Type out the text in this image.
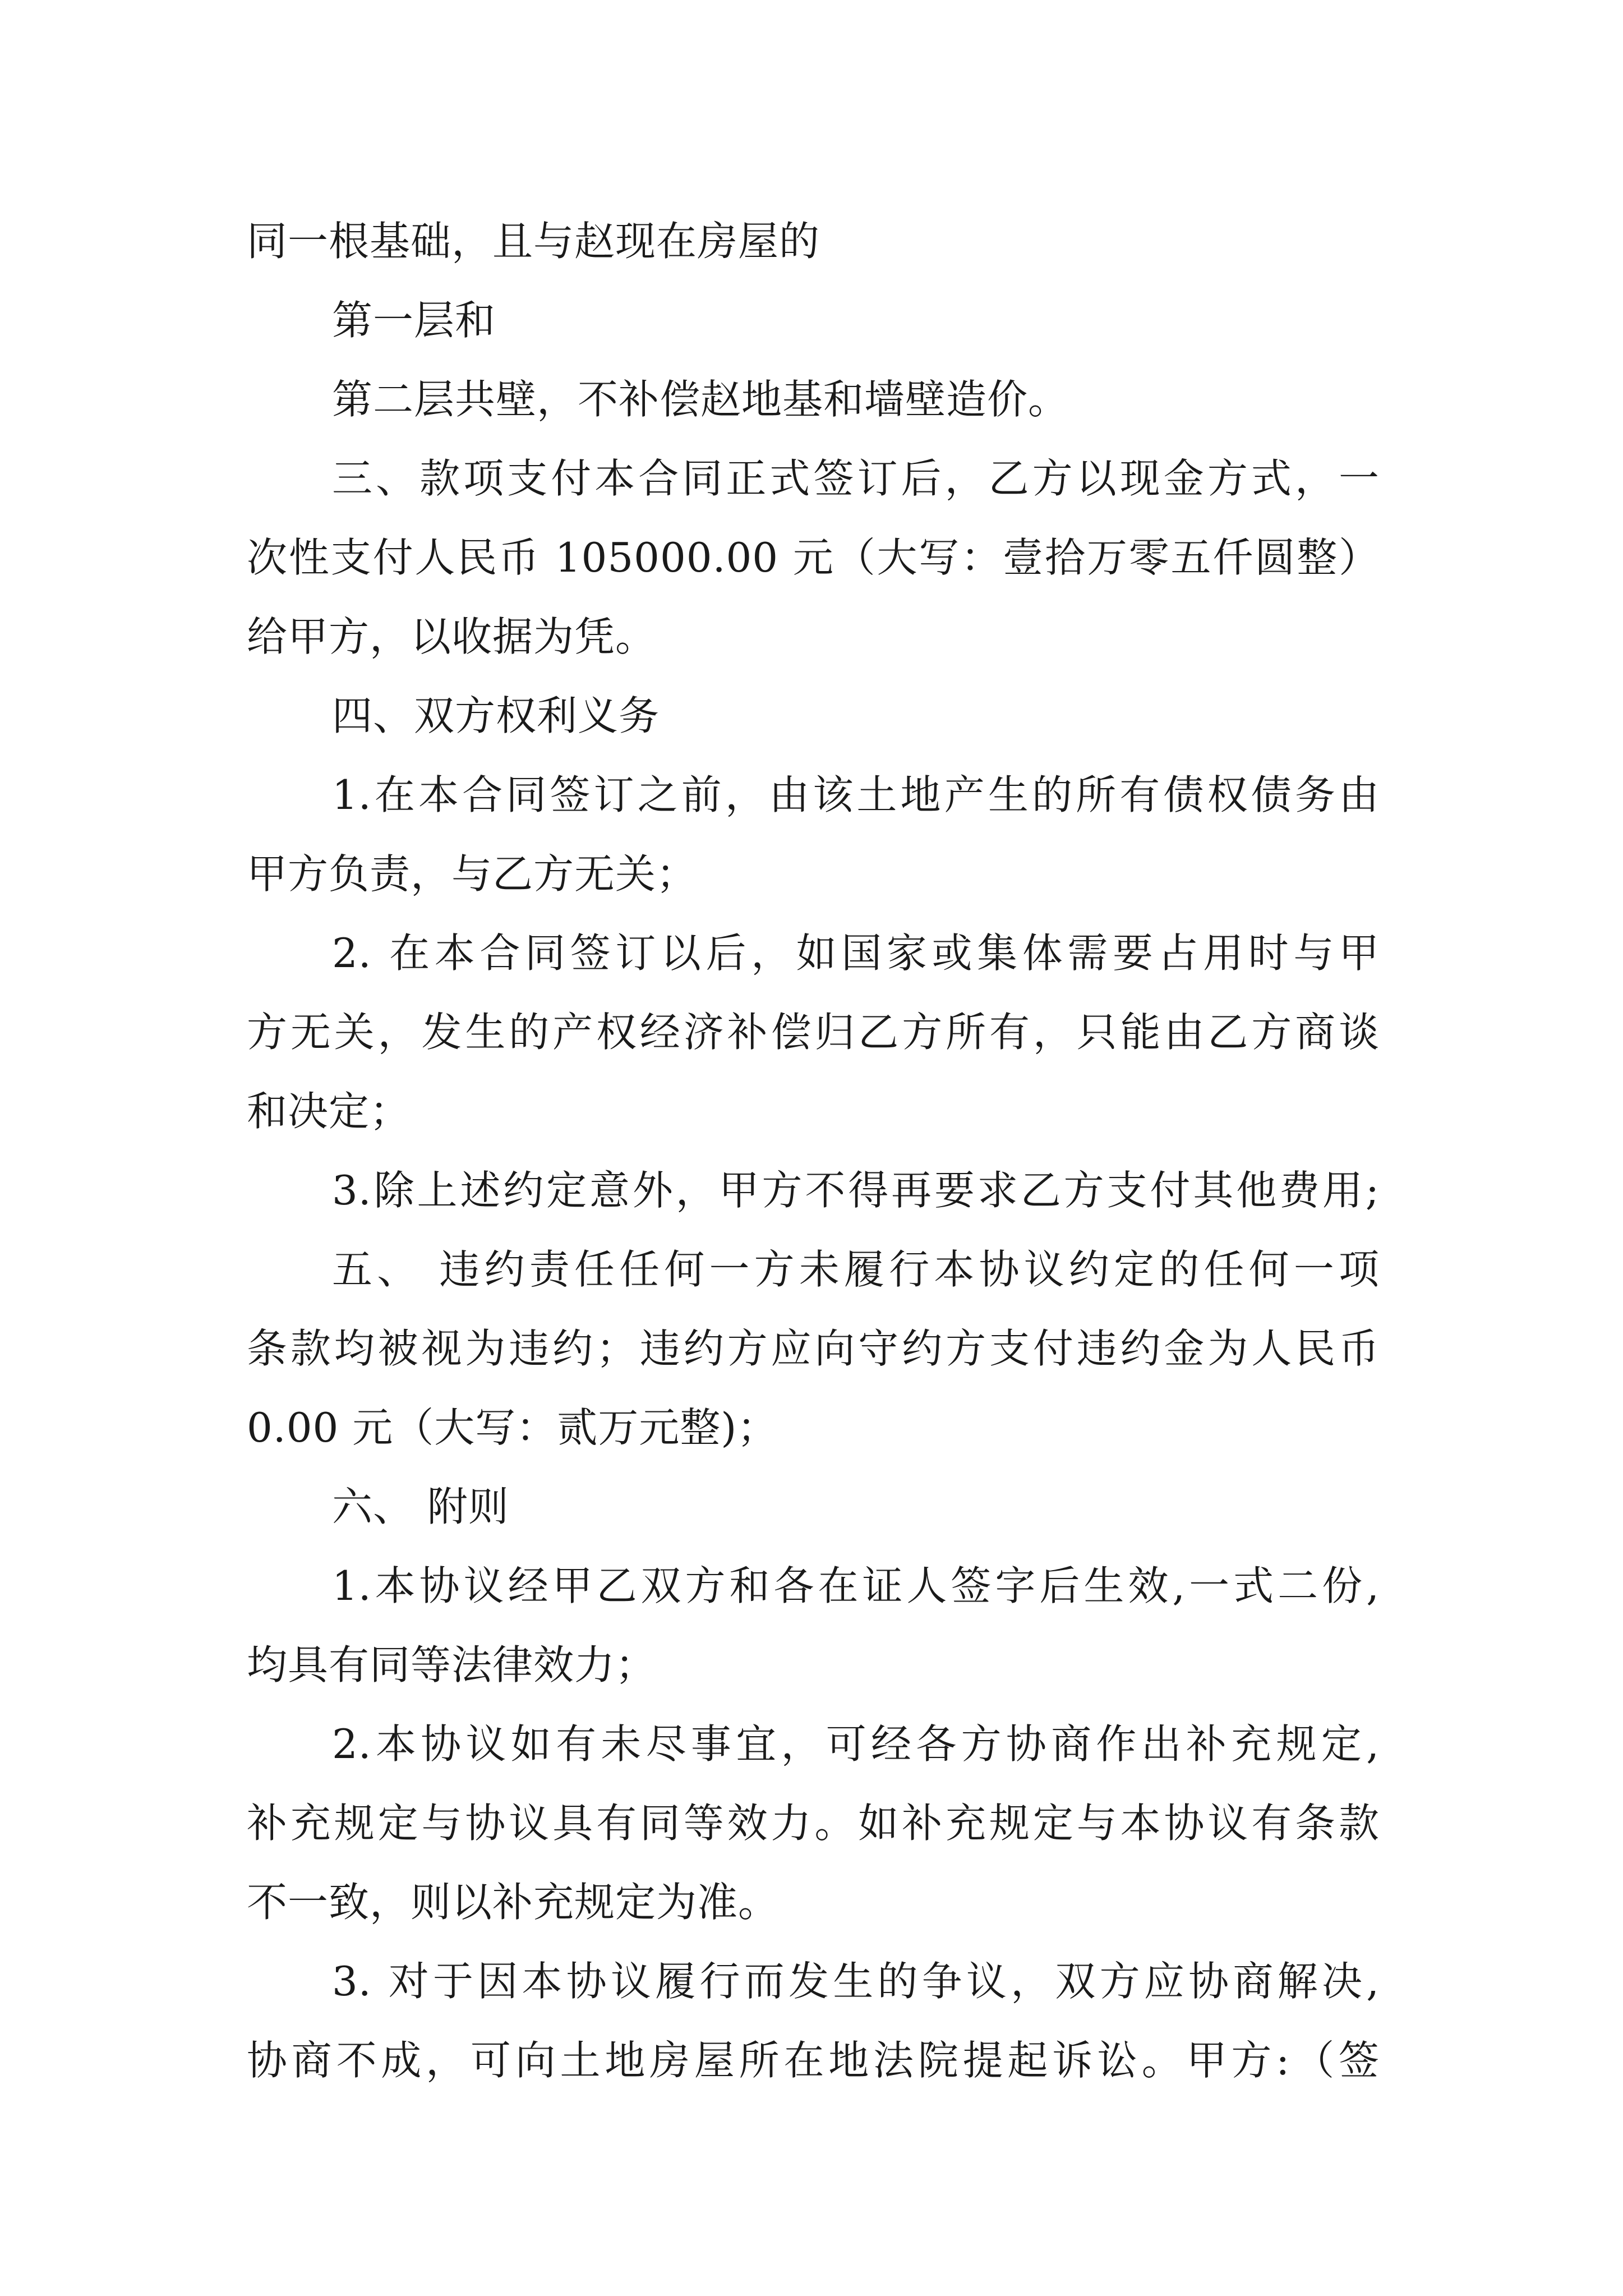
同一根基础，且与赵现在房屋的
第一层和
第二层共壁，不补偿赵地基和墙壁造价。
三、款项支付本合同正式签订后，乙方以现金方式，一
次性支付人民币 105000.00 元（大写：壹拾万零五仟圆整）
给甲方，以收据为凭。
四、双方权利义务
1.在本合同签订之前，由该土地产生的所有债权债务由
甲方负责，与乙方无关；
2. 在本合同签订以后，如国家或集体需要占用时与甲
方无关，发生的产权经济补偿归乙方所有，只能由乙方商谈
和决定；
3.除上述约定意外，甲方不得再要求乙方支付其他费用;
五、 违约责任任何一方未履行本协议约定的任何一项
条款均被视为违约；违约方应向守约方支付违约金为人民币
0.00 元（大写：贰万元整)；
六、 附则
1.本协议经甲乙双方和各在证人签字后生效,一式二份,
均具有同等法律效力；
2.本协议如有未尽事宜，可经各方协商作出补充规定,
补充规定与协议具有同等效力。如补充规定与本协议有条款
不一致，则以补充规定为准。
3. 对于因本协议履行而发生的争议，双方应协商解决,
协商不成，可向土地房屋所在地法院提起诉讼。甲方:（签
